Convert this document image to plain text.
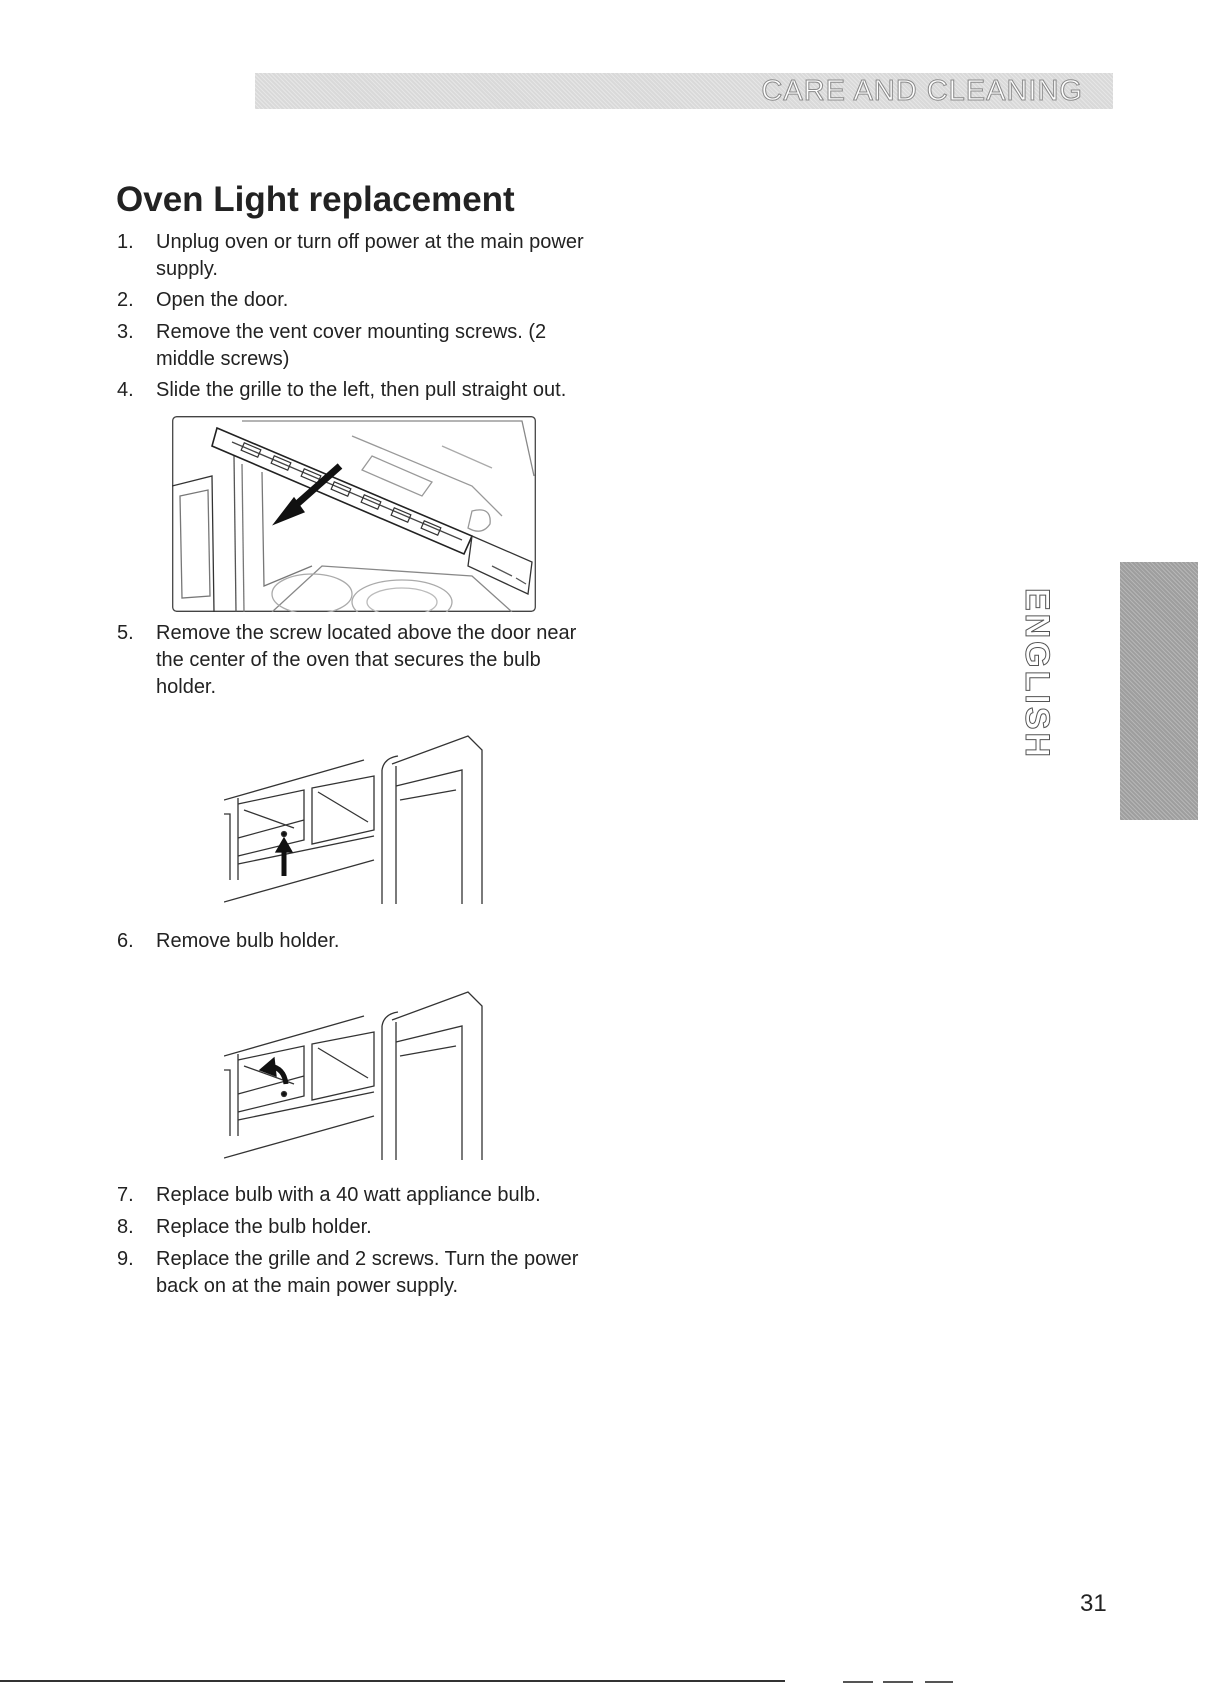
CARE AND CLEANING
Oven Light replacement
1. Unplug oven or turn off power at the main power supply.
2. Open the door.
3. Remove the vent cover mounting screws. (2 middle screws)
4. Slide the grille to the left, then pull straight out.
5. Remove the screw located above the door near the center of the oven that secures the bulb holder.
6. Remove bulb holder.
7. Replace bulb with a 40 watt appliance bulb.
8. Replace the bulb holder.
9. Replace the grille and 2 screws. Turn the power back on at the main power supply.
ENGLISH
31
